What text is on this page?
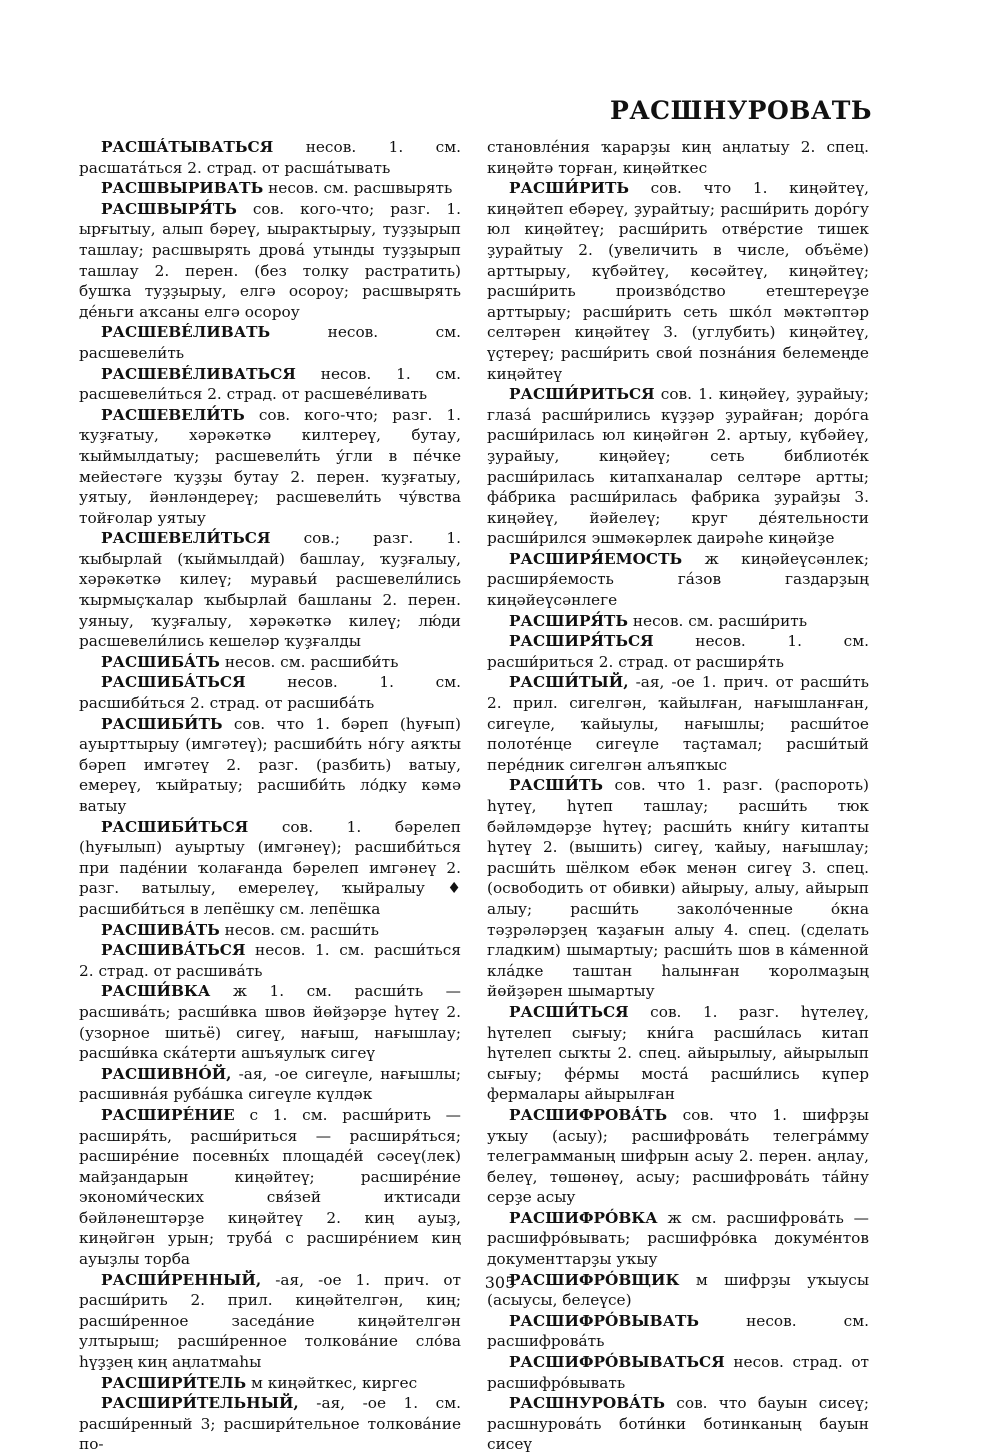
РАСШНУРОВАТЬ

РАСШÁТЫВАТЬСЯ несов. 1. см. расшатáться 2. страд. от расшáтывать

РАСШВЫРИВАТЬ несов. см. расшвырять

РАСШВЫРЯ́ТЬ сов. кого-что; разг. 1. ырғытыу, алып бәреү, ыырактырыу, туҙҙырып ташлау; расшвырять дровá утынды туҙҙырып ташлау 2. перен. (без толку растратить) бушҡа туҙҙырыу, елгә осороу; расшвырять дéньги аҡсаны елгә осороу

РАСШЕВÉЛИВАТЬ	несов. см. расшевели́ть

РАСШЕВÉЛИВАТЬСЯ несов. 1. см. расшевели́ться 2. страд. от расшевéливать

РАСШЕВЕЛИ́ТЬ сов. кого-что; разг. 1. ҡуҙғатыу, хәрәкәткә килтереү, бутау, ҡыймылдатыу; расшевели́ть у́гли в пéчке мейестәге ҡуҙҙы бутау 2. перен. ҡуҙғатыу, уятыу, йәнләндереү; расшевели́ть чу́вства тойғолар уятыу

РАСШЕВЕЛИ́ТЬСЯ сов.; разг. 1. ҡыбырлай (ҡыймылдай) башлау, ҡуҙғалыу, хәрәкәткә килеү; муравьи́ расшевели́лись ҡырмыҫҡалар ҡыбырлай башланы 2. перен. уяныу, ҡуҙғалыу, хәрәкәткә килеү; лю́ди расшевели́лись кешеләр ҡуҙғалды

РАСШИБÁТЬ несов. см. расшиби́ть

РАСШИБÁТЬСЯ	несов. 1. см. расшиби́ться 2. страд. от расшибáть

РАСШИБИ́ТЬ сов. что 1. бәреп (һуғып) ауырттырыу (имгәтеү); расшиби́ть но́гу аяҡты бәреп имгәтеү 2. разг. (разбить) ватыу, емереү, ҡыйратыу; расшиби́ть ло́дку кәмә ватыу

РАСШИБИ́ТЬСЯ сов. 1. бәрелеп (һуғылып) ауыртыу (имгәнеү); расшиби́ться при падéнии ҡолағанда бәрелеп имгәнеү 2. разг. ватылыу, емерелеү, ҡыйралыу ♦ расшиби́ться в лепёшку см. лепёшка

РАСШИВÁТЬ несов. см. расши́ть

РАСШИВÁТЬСЯ несов. 1. см. расши́ться 2. страд. от расшивáть

РАСШИ́ВКА ж 1. см. расши́ть — расшивáть; расши́вка швов йөйҙәрҙе һүтеү 2. (узорное шитьё) сигеү, нағыш, нағышлау; расши́вка скáтерти ашъяулыҡ сигеү

РАСШИВНÓЙ, -ая, -ое сигеүле, нағышлы; расшивнáя рубáшка сигеүле күлдәк

РАСШИРÉНИЕ с 1. см. расши́рить — расширя́ть, расши́риться — расширя́ться; расширéние посевны́х площадéй сәсеү(лек) майҙандарын киңәйтеү; расширéние экономи́ческих свя́зей иҡтисади бәйләнештәрҙе киңәйтеү 2. киң ауыҙ, киңәйгән урын; трубá с расширéнием киң ауыҙлы торба

РАСШИ́РЕННЫЙ, -ая, -ое 1. прич. от расши́рить 2. прил. киңәйтелгән, киң; расши́ренное заседáние киңәйтелгән ултырыш; расши́ренное толковáние сло́ва һүҙҙең киң аңлатмаһы

РАСШИРИ́ТЕЛЬ м киңәйткес, киргес

РАСШИРИ́ТЕЛЬНЫЙ, -ая, -ое 1. см. расши́ренный 3; расшири́тельное толковáние по-

становлéния ҡарарҙы киң аңлатыу 2. спец. киңәйтә торған, киңәйткес

РАСШИ́РИТЬ сов. что 1. киңәйтеү, киңәйтеп ебәреү, ҙурайтыу; расши́рить доро́гу юл киңәйтеү; расши́рить отвéрстие тишек ҙурайтыу 2. (увеличить в числе, объёме) арттырыу, күбәйтеү, көсәйтеү, киңәйтеү; расши́рить произво́дство етештереүҙе арттырыу; расши́рить сеть шко́л мәктәптәр селтәрен киңәйтеү 3. (углубить) киңәйтеү, үҫтереү; расши́рить свои́ позна́ния белемеңде киңәйтеү

РАСШИ́РИТЬСЯ сов. 1. киңәйеү, ҙурайыу; глазá расши́рились күҙҙәр ҙурайған; доро́га расши́рилась юл киңәйгән 2. артыу, күбәйеү, ҙурайыу, киңәйеү; сеть библиотéк расши́рилась китапханалар селтәре артты; фа́брика расши́рилась фабрика ҙурайҙы 3. киңәйеү, йәйелеү; круг дéятельности расши́рился эшмәкәрлек даирәһе киңәйҙе

РАСШИРЯ́ЕМОСТЬ ж киңәйеүсәнлек; расширя́емость гáзов газдарҙың киңәйеүсәнлеге

РАСШИРЯ́ТЬ несов. см. расши́рить

РАСШИРЯ́ТЬСЯ	несов. 1. см. расши́риться 2. страд. от расширя́ть

РАСШИ́ТЫЙ, -ая, -ое 1. прич. от расши́ть 2. прил. сигелгән, ҡайылған, нағышланған, сигеүле, ҡайыулы, нағышлы; расши́тое полотéнце сигеүле таҫтамал; расши́тый перéдник сигелгән алъяпҡыс

РАСШИ́ТЬ сов. что 1. разг. (распороть) һүтеү, һүтеп ташлау; расши́ть тюк бәйләмдәрҙе һүтеү; расши́ть кни́гу китапты һүтеү 2. (вышить) сигеү, ҡайыу, нағышлау; расши́ть шёлком ебәк менән сигеү 3. спец. (освободить от обивки) айырыу, алыу, айырып алыу; расши́ть заколо́ченные о́кна тәҙрәләрҙең ҡаҙағын алыу 4. спец. (сделать гладким) шымартыу; расши́ть шов в кáменной клáдке таштан һалынған ҡоролмаҙың йөйҙәрен шымартыу

РАСШИ́ТЬСЯ сов. 1. разг. һүтелеү, һүтелеп сығыу; кни́га расши́лась китап һүтелеп сыҡты 2. спец. айырылыу, айырылып сығыу; фéрмы мостá расши́лись күпер фермалары айырылған

РАСШИФРОВÁТЬ сов. что 1. шифрҙы уҡыу (асыу); расшифровáть телегрáмму телеграмманың шифрын асыу 2. перен. аңлау, белеү, төшөнөү, асыу; расшифровáть тáйну серҙе асыу

РАСШИФРÓВКА ж см. расшифровáть — расшифро́вывать; расшифро́вка докумéнтов документтарҙы уҡыу

РАСШИФРÓВЩИК м шифрҙы уҡыусы (асыусы, белеүсе)

РАСШИФРÓВЫВАТЬ	несов. см. расшифровáть

РАСШИФРÓВЫВАТЬСЯ несов. страд. от расшифро́вывать

РАСШНУРОВÁТЬ сов. что бауын сисеү; расшнуровáть боти́нки ботинканың бауын сисеү

305
